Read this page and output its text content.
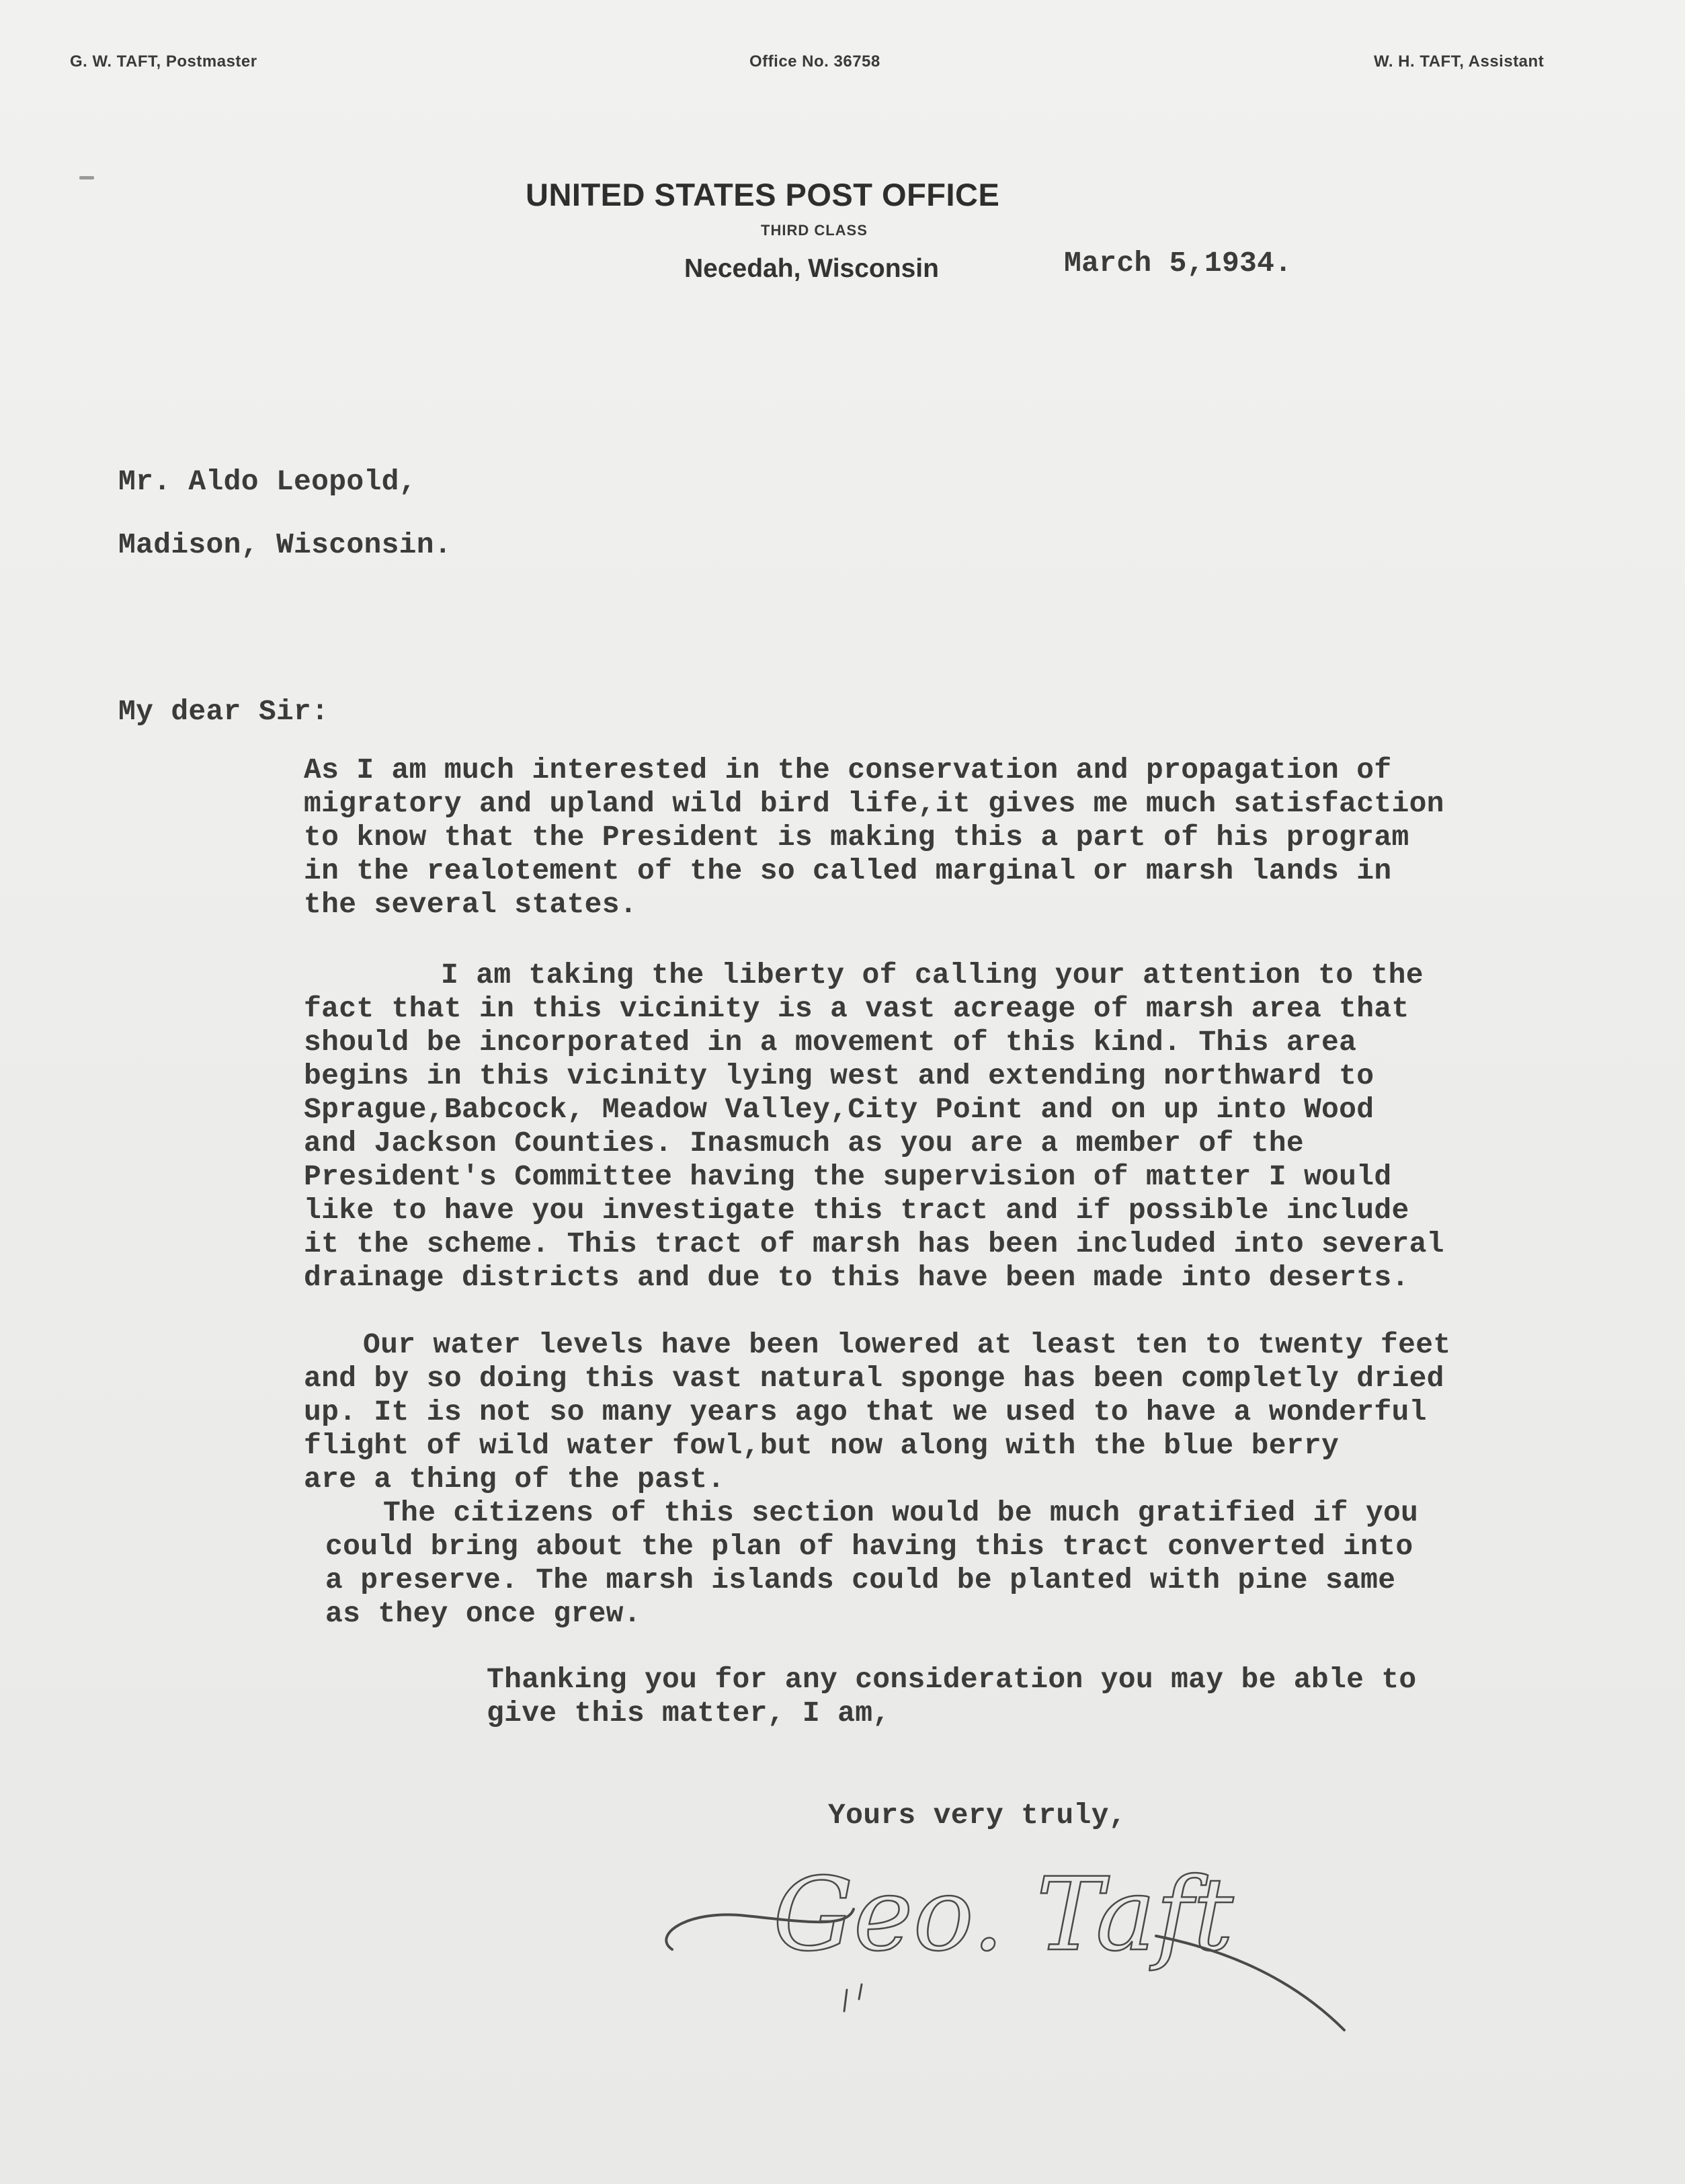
G. W. TAFT, Postmaster	Office No. 36758	W. H. TAFT, Assistant
UNITED STATES POST OFFICE
THIRD CLASS
Necedah, Wisconsin	March 5,1934.
Mr. Aldo Leopold,
Madison, Wisconsin.
My dear Sir:
As I am much interested in the conservation and propagation of
migratory and upland wild bird life,it gives me much satisfaction
to know that the President is making this a part of his program
in the realotement of the so called marginal or marsh lands in
the several states.
I am taking the liberty of calling your attention to the
fact that in this vicinity is a vast acreage of marsh area that
should be incorporated in a movement of this kind. This area
begins in this vicinity lying west and extending northward to
Sprague,Babcock, Meadow Valley,City Point and on up into Wood
and Jackson Counties. Inasmuch as you are a member of the
President's Committee having the supervision of matter I would
like to have you investigate this tract and if possible include
it the scheme. This tract of marsh has been included into several
drainage districts and due to this have been made into deserts.
Our water levels have been lowered at least ten to twenty feet
and by so doing this vast natural sponge has been completly dried
up. It is not so many years ago that we used to have a wonderful
flight of wild water fowl,but now along with the blue berry
are a thing of the past.
The citizens of this section would be much gratified if you
could bring about the plan of having this tract converted into
a preserve. The marsh islands could be planted with pine same
as they once grew.
Thanking you for any consideration you may be able to
give this matter, I am,
Yours very truly,
Geo. Taft
